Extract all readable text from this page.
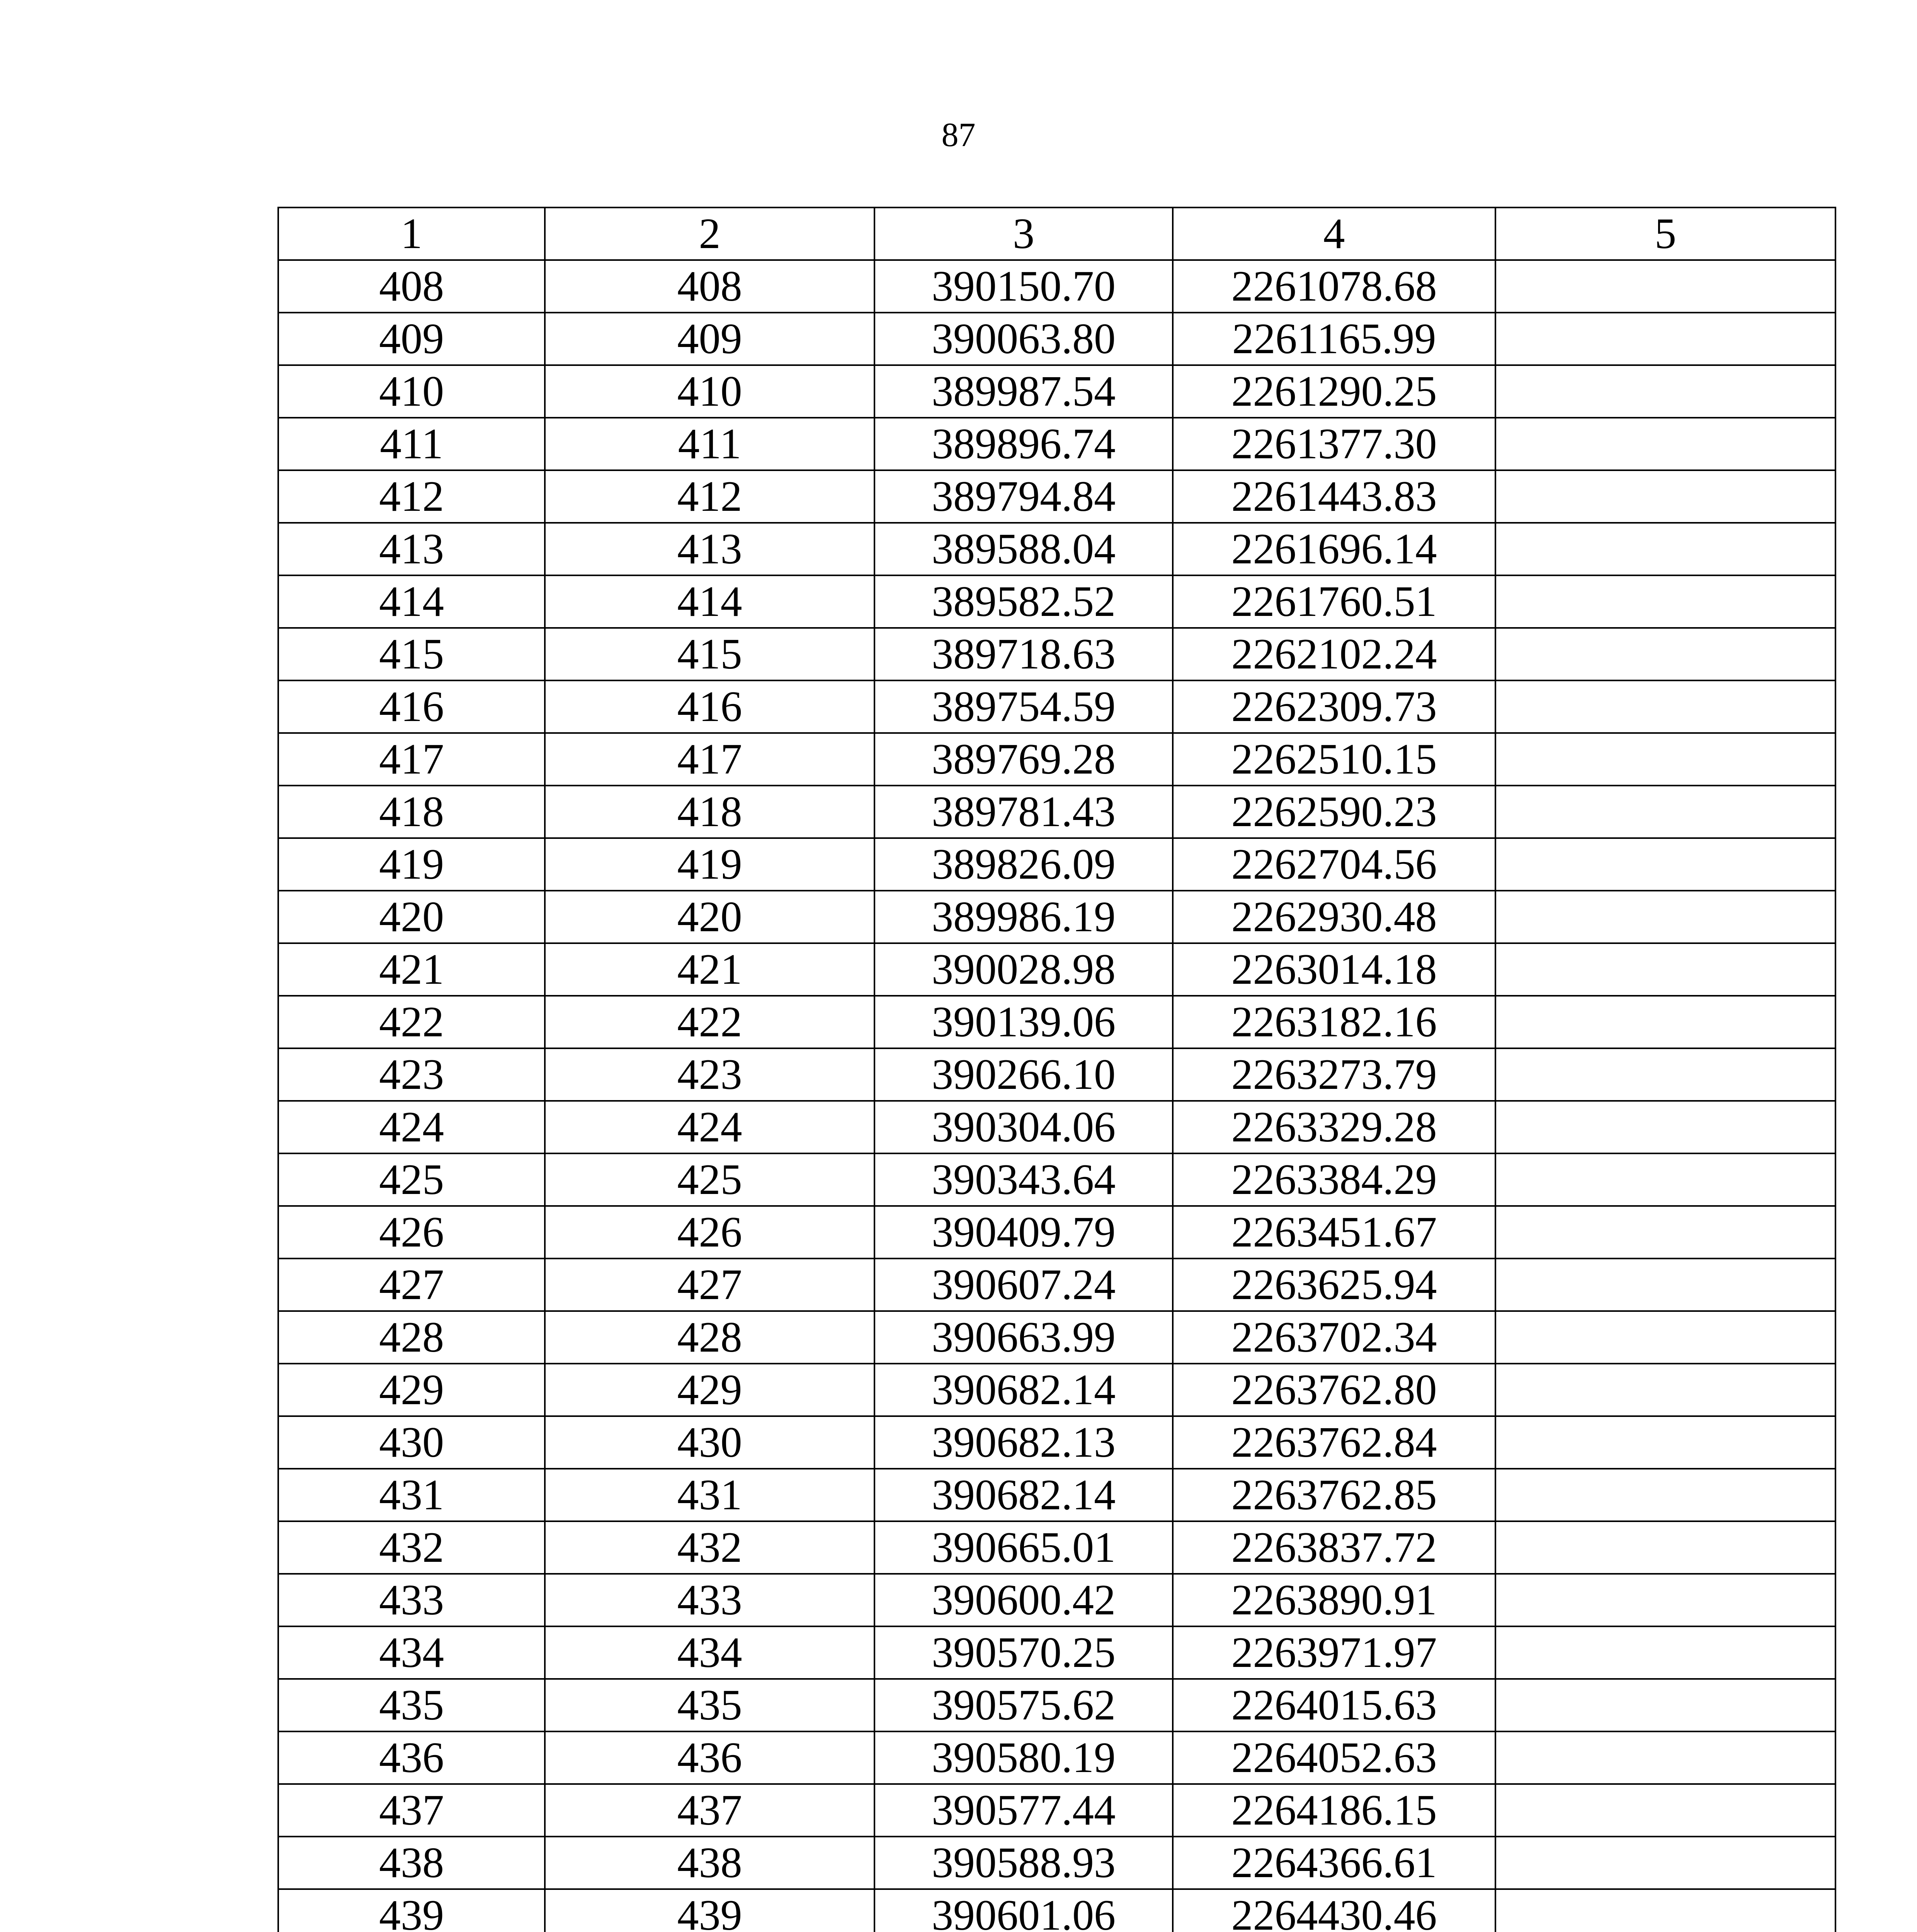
87
1	2	3	4	5
408	408	390150.70	2261078.68	
409	409	390063.80	2261165.99	
410	410	389987.54	2261290.25	
411	411	389896.74	2261377.30	
412	412	389794.84	2261443.83	
413	413	389588.04	2261696.14	
414	414	389582.52	2261760.51	
415	415	389718.63	2262102.24	
416	416	389754.59	2262309.73	
417	417	389769.28	2262510.15	
418	418	389781.43	2262590.23	
419	419	389826.09	2262704.56	
420	420	389986.19	2262930.48	
421	421	390028.98	2263014.18	
422	422	390139.06	2263182.16	
423	423	390266.10	2263273.79	
424	424	390304.06	2263329.28	
425	425	390343.64	2263384.29	
426	426	390409.79	2263451.67	
427	427	390607.24	2263625.94	
428	428	390663.99	2263702.34	
429	429	390682.14	2263762.80	
430	430	390682.13	2263762.84	
431	431	390682.14	2263762.85	
432	432	390665.01	2263837.72	
433	433	390600.42	2263890.91	
434	434	390570.25	2263971.97	
435	435	390575.62	2264015.63	
436	436	390580.19	2264052.63	
437	437	390577.44	2264186.15	
438	438	390588.93	2264366.61	
439	439	390601.06	2264430.46	
